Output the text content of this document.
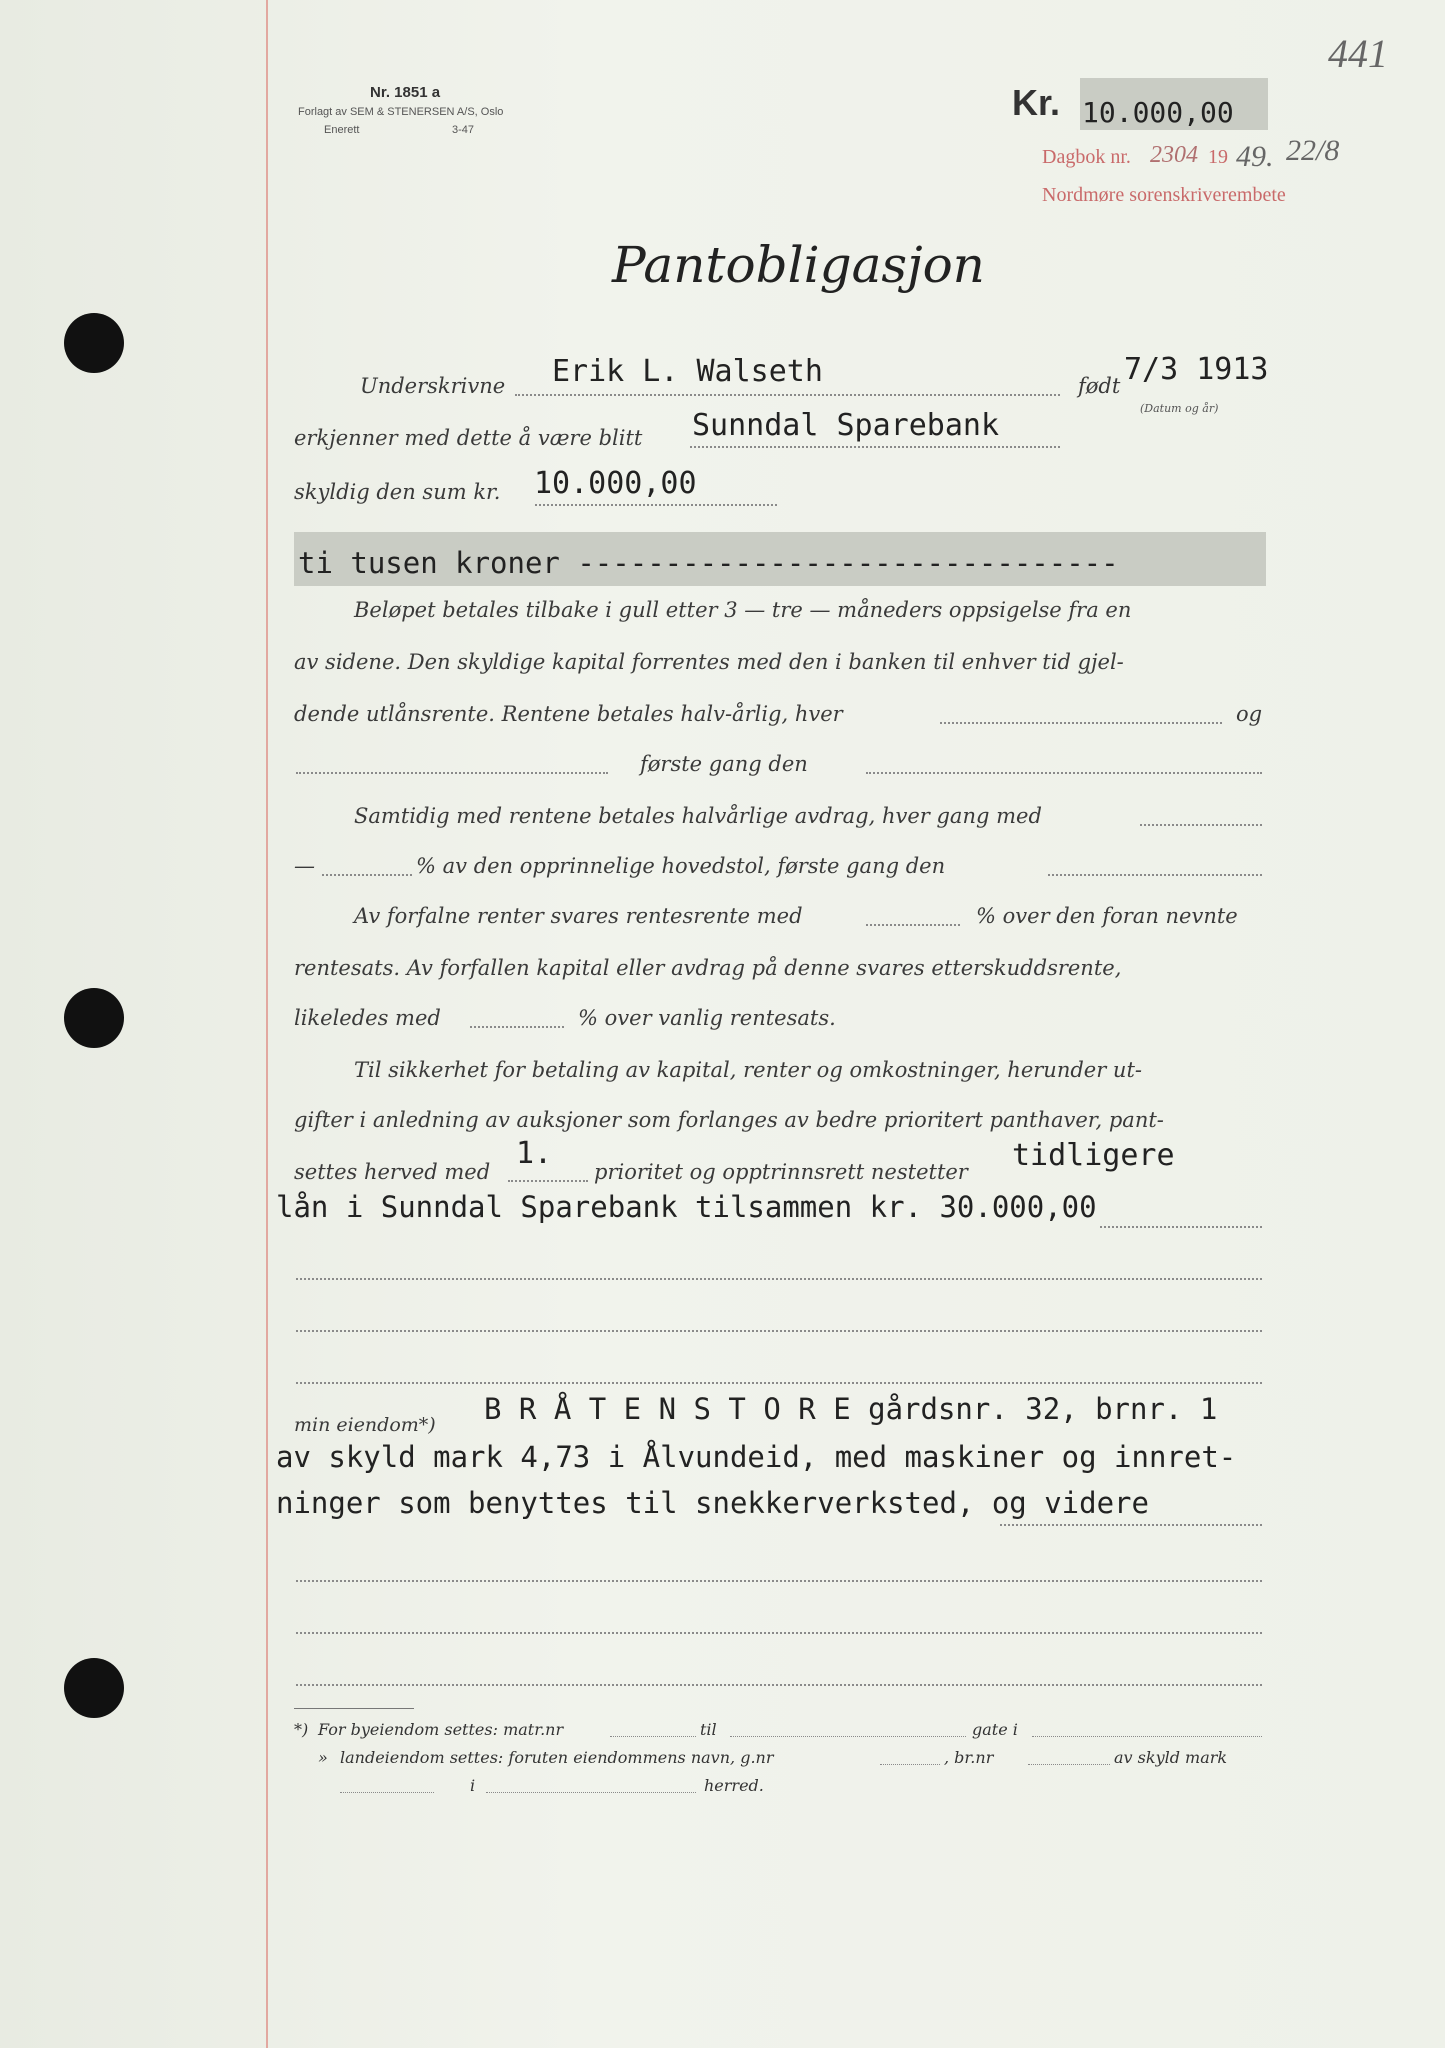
441
Nr. 1851 a
Forlagt av SEM & STENERSEN A/S, Oslo
Enerett	3-47
Kr. 10.000,00
Dagbok nr. 2304 19 49. 22/8
Nordmøre sorenskriverembete
Pantobligasjon
Underskrivne Erik L. Walseth	født 7/3 1913
(Datum og år)
erkjenner med dette å være blitt Sunndal Sparebank
skyldig den sum kr. 10.000,00
ti tusen kroner -------------------------------
Beløpet betales tilbake i gull etter 3 — tre — måneders oppsigelse fra en
av sidene. Den skyldige kapital forrentes med den i banken til enhver tid gjel-
dende utlånsrente. Rentene betales halv-årlig, hver	og
første gang den
Samtidig med rentene betales halvårlige avdrag, hver gang med
—	% av den opprinnelige hovedstol, første gang den
Av forfalne renter svares rentesrente med	% over den foran nevnte
rentesats. Av forfallen kapital eller avdrag på denne svares etterskuddsrente,
likeledes med	% over vanlig rentesats.
Til sikkerhet for betaling av kapital, renter og omkostninger, herunder ut-
gifter i anledning av auksjoner som forlanges av bedre prioritert panthaver, pant-
settes herved med
1.
prioritet og opptrinnsrett nestetter tidligere
lån i Sunndal Sparebank tilsammen kr. 30.000,00
min eiendom*) B R Å T E N S T O R E gårdsnr. 32, brnr. 1
av skyld mark 4,73 i Ålvundeid, med maskiner og innret-
ninger som benyttes til snekkerverksted, og videre
*) For byeiendom settes: matr.nr	til	gate i
» landeiendom settes: foruten eiendommens navn, g.nr	, br.nr	av skyld mark
i	herred.
